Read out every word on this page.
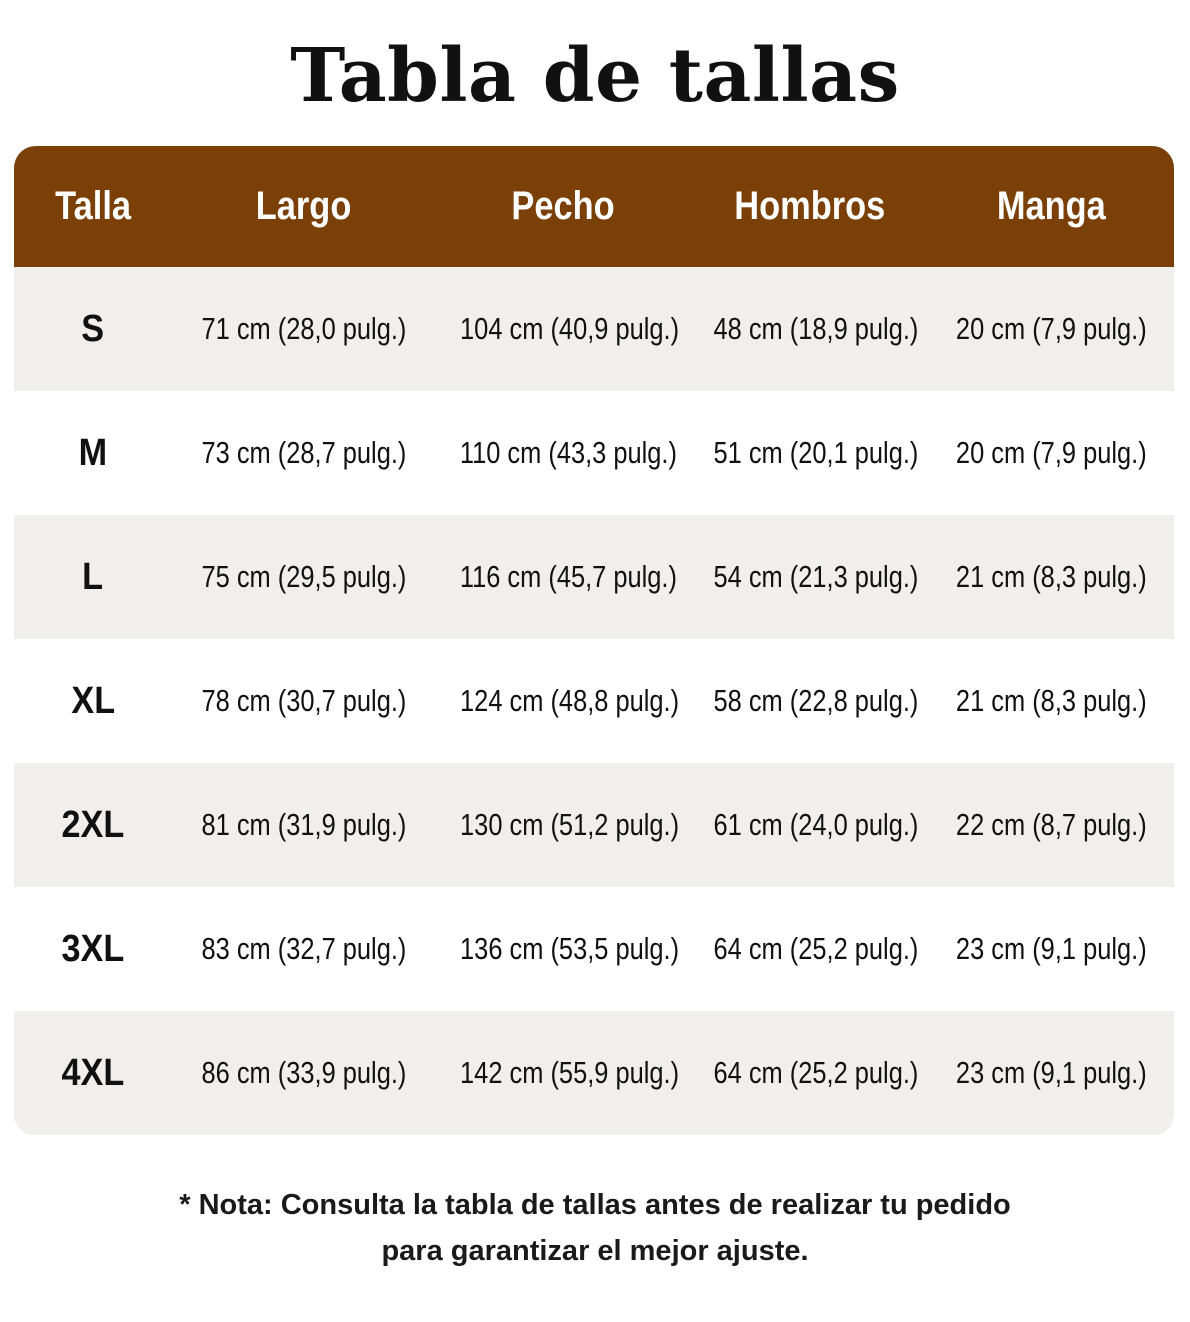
Tabla de tallas
Talla	Largo	Pecho	Hombros	Manga
S	71 cm (28,0 pulg.)	104 cm (40,9 pulg.)	48 cm (18,9 pulg.)	20 cm (7,9 pulg.)
M	73 cm (28,7 pulg.)	110 cm (43,3 pulg.)	51 cm (20,1 pulg.)	20 cm (7,9 pulg.)
L	75 cm (29,5 pulg.)	116 cm (45,7 pulg.)	54 cm (21,3 pulg.)	21 cm (8,3 pulg.)
XL	78 cm (30,7 pulg.)	124 cm (48,8 pulg.)	58 cm (22,8 pulg.)	21 cm (8,3 pulg.)
2XL	81 cm (31,9 pulg.)	130 cm (51,2 pulg.)	61 cm (24,0 pulg.)	22 cm (8,7 pulg.)
3XL	83 cm (32,7 pulg.)	136 cm (53,5 pulg.)	64 cm (25,2 pulg.)	23 cm (9,1 pulg.)
4XL	86 cm (33,9 pulg.)	142 cm (55,9 pulg.)	64 cm (25,2 pulg.)	23 cm (9,1 pulg.)

* Nota: Consulta la tabla de tallas antes de realizar tu pedido
para garantizar el mejor ajuste.
